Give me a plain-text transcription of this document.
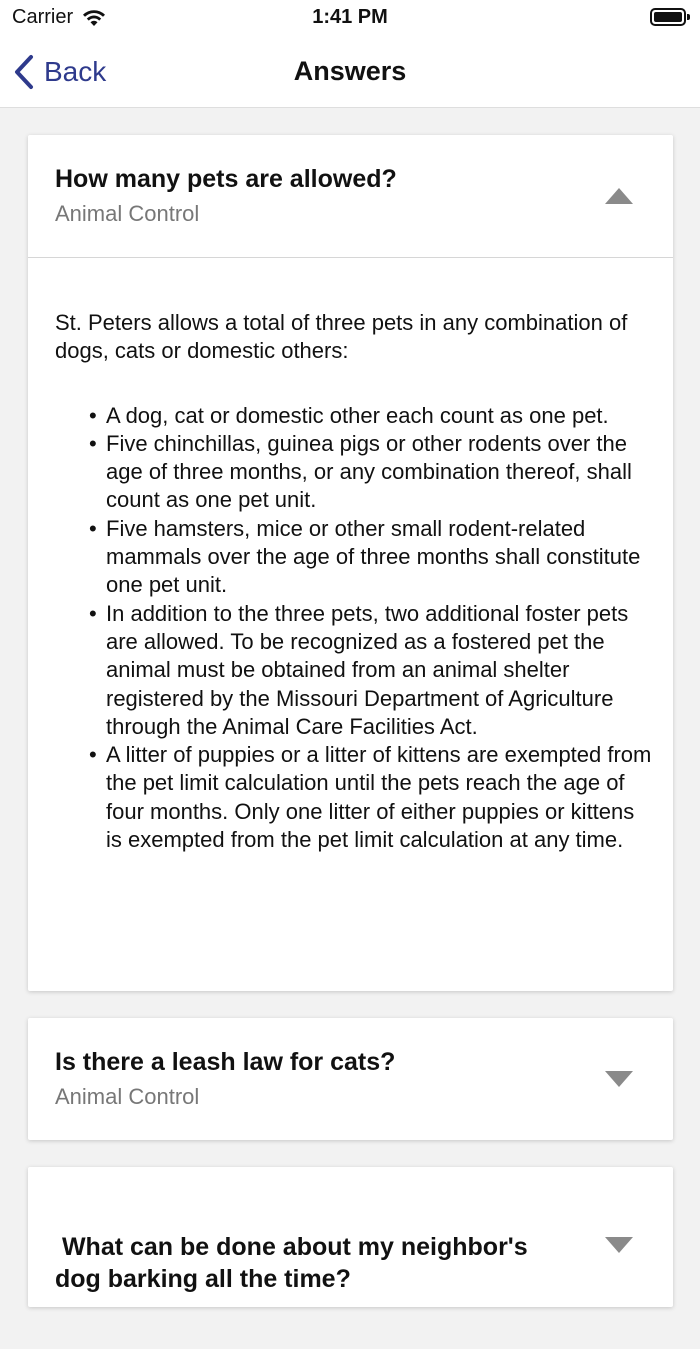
Carrier	1:41 PM
Back	Answers
How many pets are allowed?
Animal Control

St. Peters allows a total of three pets in any combination of dogs, cats or domestic others:

• A dog, cat or domestic other each count as one pet.
• Five chinchillas, guinea pigs or other rodents over the age of three months, or any combination thereof, shall count as one pet unit.
• Five hamsters, mice or other small rodent-related mammals over the age of three months shall constitute one pet unit.
• In addition to the three pets, two additional foster pets are allowed. To be recognized as a fostered pet the animal must be obtained from an animal shelter registered by the Missouri Department of Agriculture through the Animal Care Facilities Act.
• A litter of puppies or a litter of kittens are exempted from the pet limit calculation until the pets reach the age of four months. Only one litter of either puppies or kittens is exempted from the pet limit calculation at any time.
Is there a leash law for cats?
Animal Control

What can be done about my neighbor's dog barking all the time?
